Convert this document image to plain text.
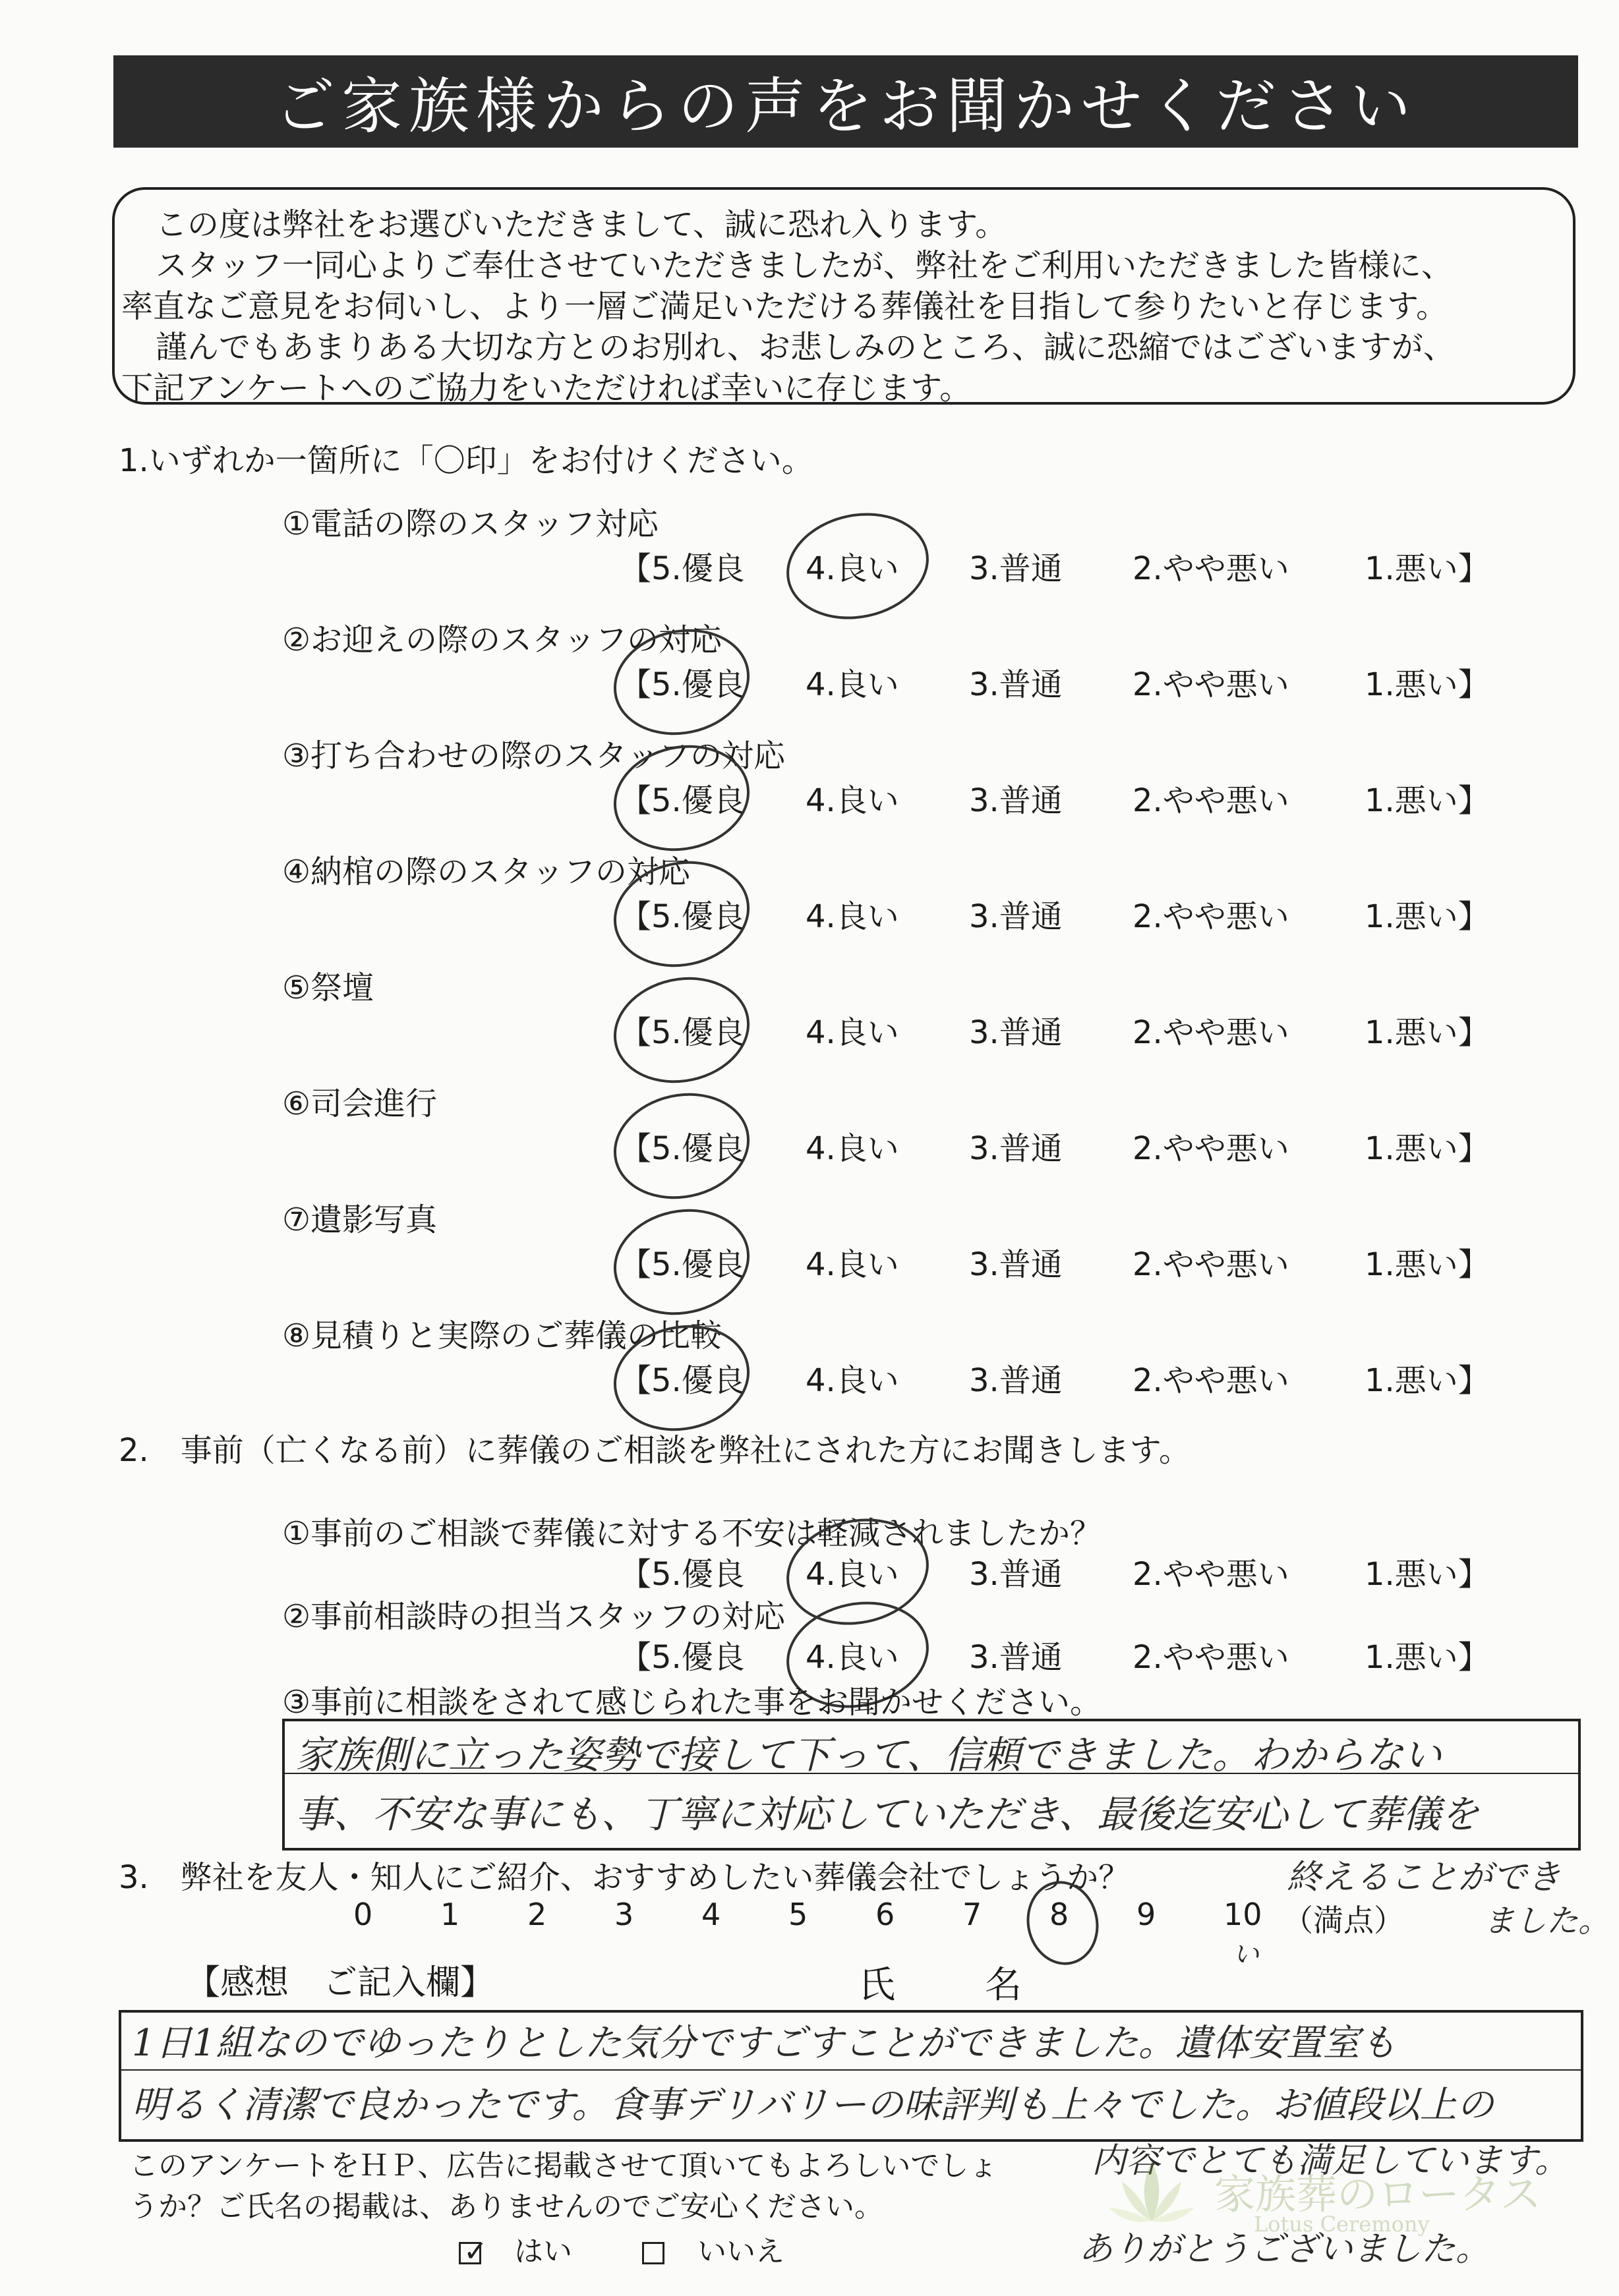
ご家族様からの声をお聞かせください
この度は弊社をお選びいただきまして、誠に恐れ入ります。
スタッフ一同心よりご奉仕させていただきましたが、弊社をご利用いただきました皆様に、
率直なご意見をお伺いし、より一層ご満足いただける葬儀社を目指して参りたいと存じます。
謹んでもあまりある大切な方とのお別れ、お悲しみのところ、誠に恐縮ではございますが、
下記アンケートへのご協力をいただければ幸いに存じます。
1.いずれか一箇所に「〇印」をお付けください。
①電話の際のスタッフ対応
【5.優良 4.良い 3.普通 2.やや悪い 1.悪い】
②お迎えの際のスタッフの対応
【5.優良 4.良い 3.普通 2.やや悪い 1.悪い】
③打ち合わせの際のスタッフの対応
【5.優良 4.良い 3.普通 2.やや悪い 1.悪い】
④納棺の際のスタッフの対応
【5.優良 4.良い 3.普通 2.やや悪い 1.悪い】
⑤祭壇
【5.優良 4.良い 3.普通 2.やや悪い 1.悪い】
⑥司会進行
【5.優良 4.良い 3.普通 2.やや悪い 1.悪い】
⑦遺影写真
【5.優良 4.良い 3.普通 2.やや悪い 1.悪い】
⑧見積りと実際のご葬儀の比較
【5.優良 4.良い 3.普通 2.やや悪い 1.悪い】
2.　事前（亡くなる前）に葬儀のご相談を弊社にされた方にお聞きします。
①事前のご相談で葬儀に対する不安は軽減されましたか？
【5.優良 4.良い 3.普通 2.やや悪い 1.悪い】
②事前相談時の担当スタッフの対応
【5.優良 4.良い 3.普通 2.やや悪い 1.悪い】
③事前に相談をされて感じられた事をお聞かせください。
家族側に立った姿勢で接して下って、信頼できました。わからない
事、不安な事にも、丁寧に対応していただき、最後迄安心して葬儀を
終えることができ
ました。
3.　弊社を友人・知人にご紹介、おすすめしたい葬儀会社でしょうか？
0 1 2 3 4 5 6 7 8 9 10 （満点）
【感想　ご記入欄】	氏　名
い
1日1組なのでゆったりとした気分ですごすことができました。遺体安置室も
明るく清潔で良かったです。食事デリバリーの味評判も上々でした。お値段以上の
内容でとても満足しています。
ありがとうございました。
このアンケートをＨＰ、広告に掲載させて頂いてもよろしいでしょ
うか？ご氏名の掲載は、ありませんのでご安心ください。
✓ はい	いいえ
家族葬のロータス
Lotus Ceremony
